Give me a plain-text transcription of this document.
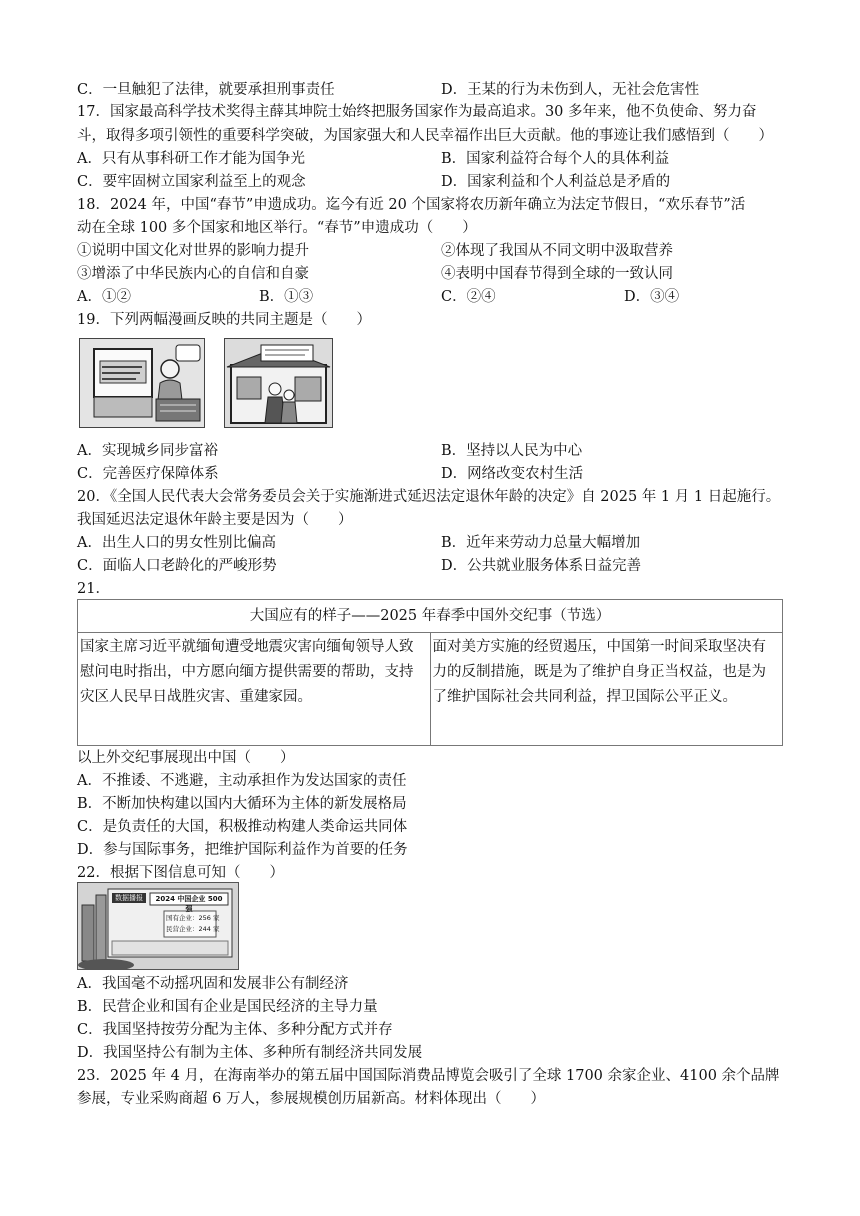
C．一旦触犯了法律，就要承担刑事责任	D．王某的行为未伤到人，无社会危害性
17．国家最高科学技术奖得主薛其坤院士始终把服务国家作为最高追求。30 多年来，他不负使命、努力奋
斗，取得多项引领性的重要科学突破，为国家强大和人民幸福作出巨大贡献。他的事迹让我们感悟到（　　）
A．只有从事科研工作才能为国争光	B．国家利益符合每个人的具体利益
C．要牢固树立国家利益至上的观念	D．国家利益和个人利益总是矛盾的
18．2024 年，中国“春节”申遗成功。迄今有近 20 个国家将农历新年确立为法定节假日，“欢乐春节”活
动在全球 100 多个国家和地区举行。“春节”申遗成功（　　）
①说明中国文化对世界的影响力提升	②体现了我国从不同文明中汲取营养
③增添了中华民族内心的自信和自豪	④表明中国春节得到全球的一致认同
A．①②	B．①③	C．②④	D．③④
19．下列两幅漫画反映的共同主题是（　　）
A．实现城乡同步富裕	B．坚持以人民为中心
C．完善医疗保障体系	D．网络改变农村生活
20．《全国人民代表大会常务委员会关于实施渐进式延迟法定退休年龄的决定》自 2025 年 1 月 1 日起施行。
我国延迟法定退休年龄主要是因为（　　）
A．出生人口的男女性别比偏高	B．近年来劳动力总量大幅增加
C．面临人口老龄化的严峻形势	D．公共就业服务体系日益完善
21．
大国应有的样子——2025 年春季中国外交纪事（节选）
国家主席习近平就缅甸遭受地震灾害向缅甸领导人致慰问电时指出，中方愿向缅方提供需要的帮助，支持灾区人民早日战胜灾害、重建家园。	面对美方实施的经贸遏压，中国第一时间采取坚决有力的反制措施，既是为了维护自身正当权益，也是为了维护国际社会共同利益，捍卫国际公平正义。
以上外交纪事展现出中国（　　）
A．不推诿、不逃避，主动承担作为发达国家的责任
B．不断加快构建以国内大循环为主体的新发展格局
C．是负责任的大国，积极推动构建人类命运共同体
D．参与国际事务，把维护国际利益作为首要的任务
22．根据下图信息可知（　　）
数据播报	2024 中国企业 500 强
国有企业：256 家
民营企业：244 家
A．我国毫不动摇巩固和发展非公有制经济
B．民营企业和国有企业是国民经济的主导力量
C．我国坚持按劳分配为主体、多种分配方式并存
D．我国坚持公有制为主体、多种所有制经济共同发展
23．2025 年 4 月，在海南举办的第五届中国国际消费品博览会吸引了全球 1700 余家企业、4100 余个品牌
参展，专业采购商超 6 万人，参展规模创历届新高。材料体现出（　　）
